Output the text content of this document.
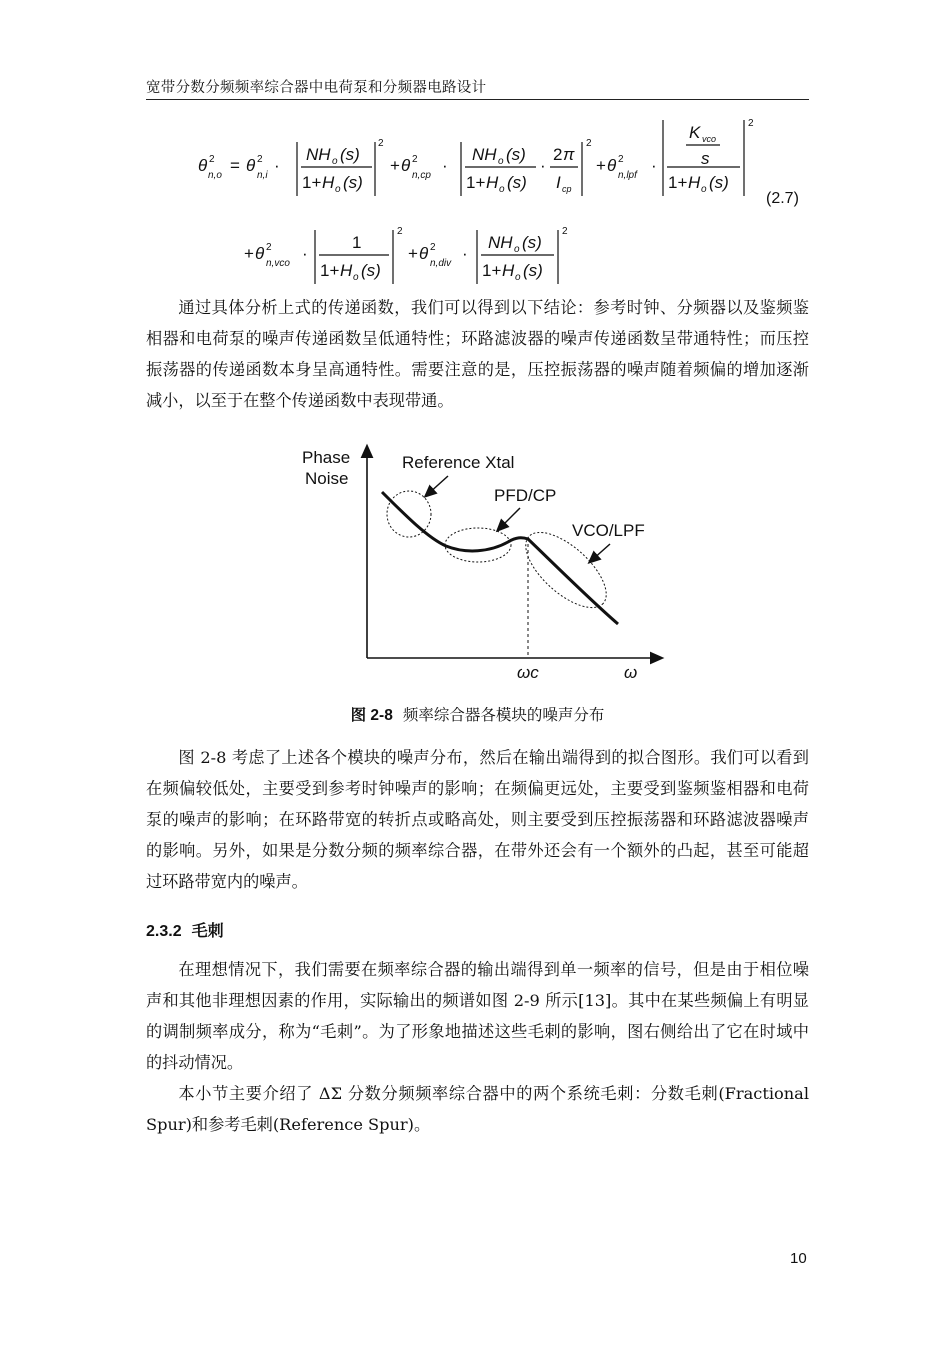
宽带分数分频频率综合器中电荷泵和分频器电路设计
θ 2
n,o
= θ 2
n,i
·
NH o (s)
1+ H o (s)
2
+ θ 2
n,cp
·
NH o (s)
1+ H o (s)
·
2 π
I cp
2
+ θ 2
n,lpf
·
K vco
s
1+ H o (s)
2
+ θ 2
n,vco
·
1
1+ H o (s)
2
+ θ 2
n,div
·
NH o (s)
1+ H o (s)
2
(2.7)

通过具体分析上式的传递函数，我们可以得到以下结论：参考时钟、分频器以及鉴频鉴相器和电荷泵的噪声传递函数呈低通特性；环路滤波器的噪声传递函数呈带通特性；而压控振荡器的传递函数本身呈高通特性。需要注意的是，压控振荡器的噪声随着频偏的增加逐渐减小，以至于在整个传递函数中表现带通。

Phase
Noise
Reference Xtal
PFD/CP
VCO/LPF
ωc	ω
图 2-8 频率综合器各模块的噪声分布

图 2-8 考虑了上述各个模块的噪声分布，然后在输出端得到的拟合图形。我们可以看到在频偏较低处，主要受到参考时钟噪声的影响；在频偏更远处，主要受到鉴频鉴相器和电荷泵的噪声的影响；在环路带宽的转折点或略高处，则主要受到压控振荡器和环路滤波器噪声的影响。另外，如果是分数分频的频率综合器，在带外还会有一个额外的凸起，甚至可能超过环路带宽内的噪声。

2.3.2 毛刺

在理想情况下，我们需要在频率综合器的输出端得到单一频率的信号，但是由于相位噪声和其他非理想因素的作用，实际输出的频谱如图 2-9 所示[13]。其中在某些频偏上有明显的调制频率成分，称为“毛刺”。为了形象地描述这些毛刺的影响，图右侧给出了它在时域中的抖动情况。

本小节主要介绍了 ΔΣ 分数分频频率综合器中的两个系统毛刺：分数毛刺(Fractional Spur)和参考毛刺(Reference Spur)。

10
